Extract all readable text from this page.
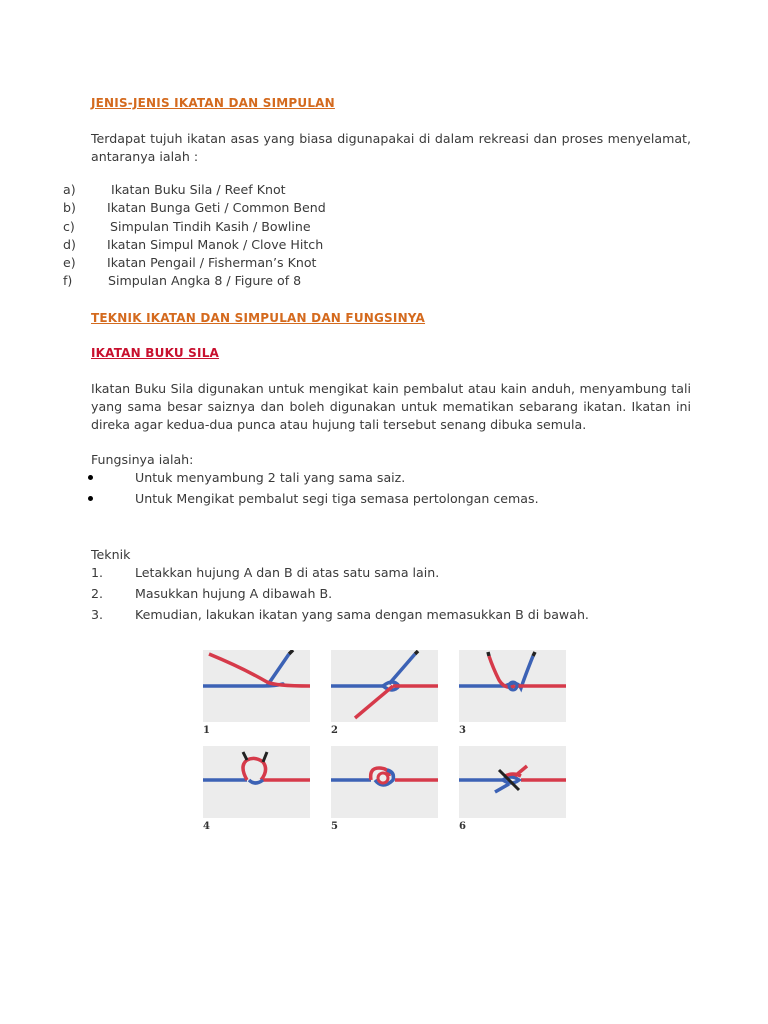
JENIS-JENIS IKATAN DAN SIMPULAN

Terdapat tujuh ikatan asas yang biasa digunapakai di dalam rekreasi dan proses menyelamat, antaranya ialah :

a)	Ikatan Buku Sila / Reef Knot
b)	Ikatan Bunga Geti / Common Bend
c)	Simpulan Tindih Kasih / Bowline
d)	Ikatan Simpul Manok / Clove Hitch
e)	Ikatan Pengail / Fisherman’s Knot
f)	Simpulan Angka 8 / Figure of 8
TEKNIK IKATAN DAN SIMPULAN DAN FUNGSINYA
IKATAN BUKU SILA

Ikatan Buku Sila digunakan untuk mengikat kain pembalut atau kain anduh, menyambung tali yang sama besar saiznya dan boleh digunakan untuk mematikan sebarang ikatan. Ikatan ini direka agar kedua-dua punca atau hujung tali tersebut senang dibuka semula.

Fungsinya ialah:
Untuk menyambung 2 tali yang sama saiz.
Untuk Mengikat pembalut segi tiga semasa pertolongan cemas.
Teknik
1.	Letakkan hujung A dan B di atas satu sama lain.
2.	Masukkan hujung A dibawah B.
3.	Kemudian, lakukan ikatan yang sama dengan memasukkan B di bawah.
1	2	3
4	5	6
